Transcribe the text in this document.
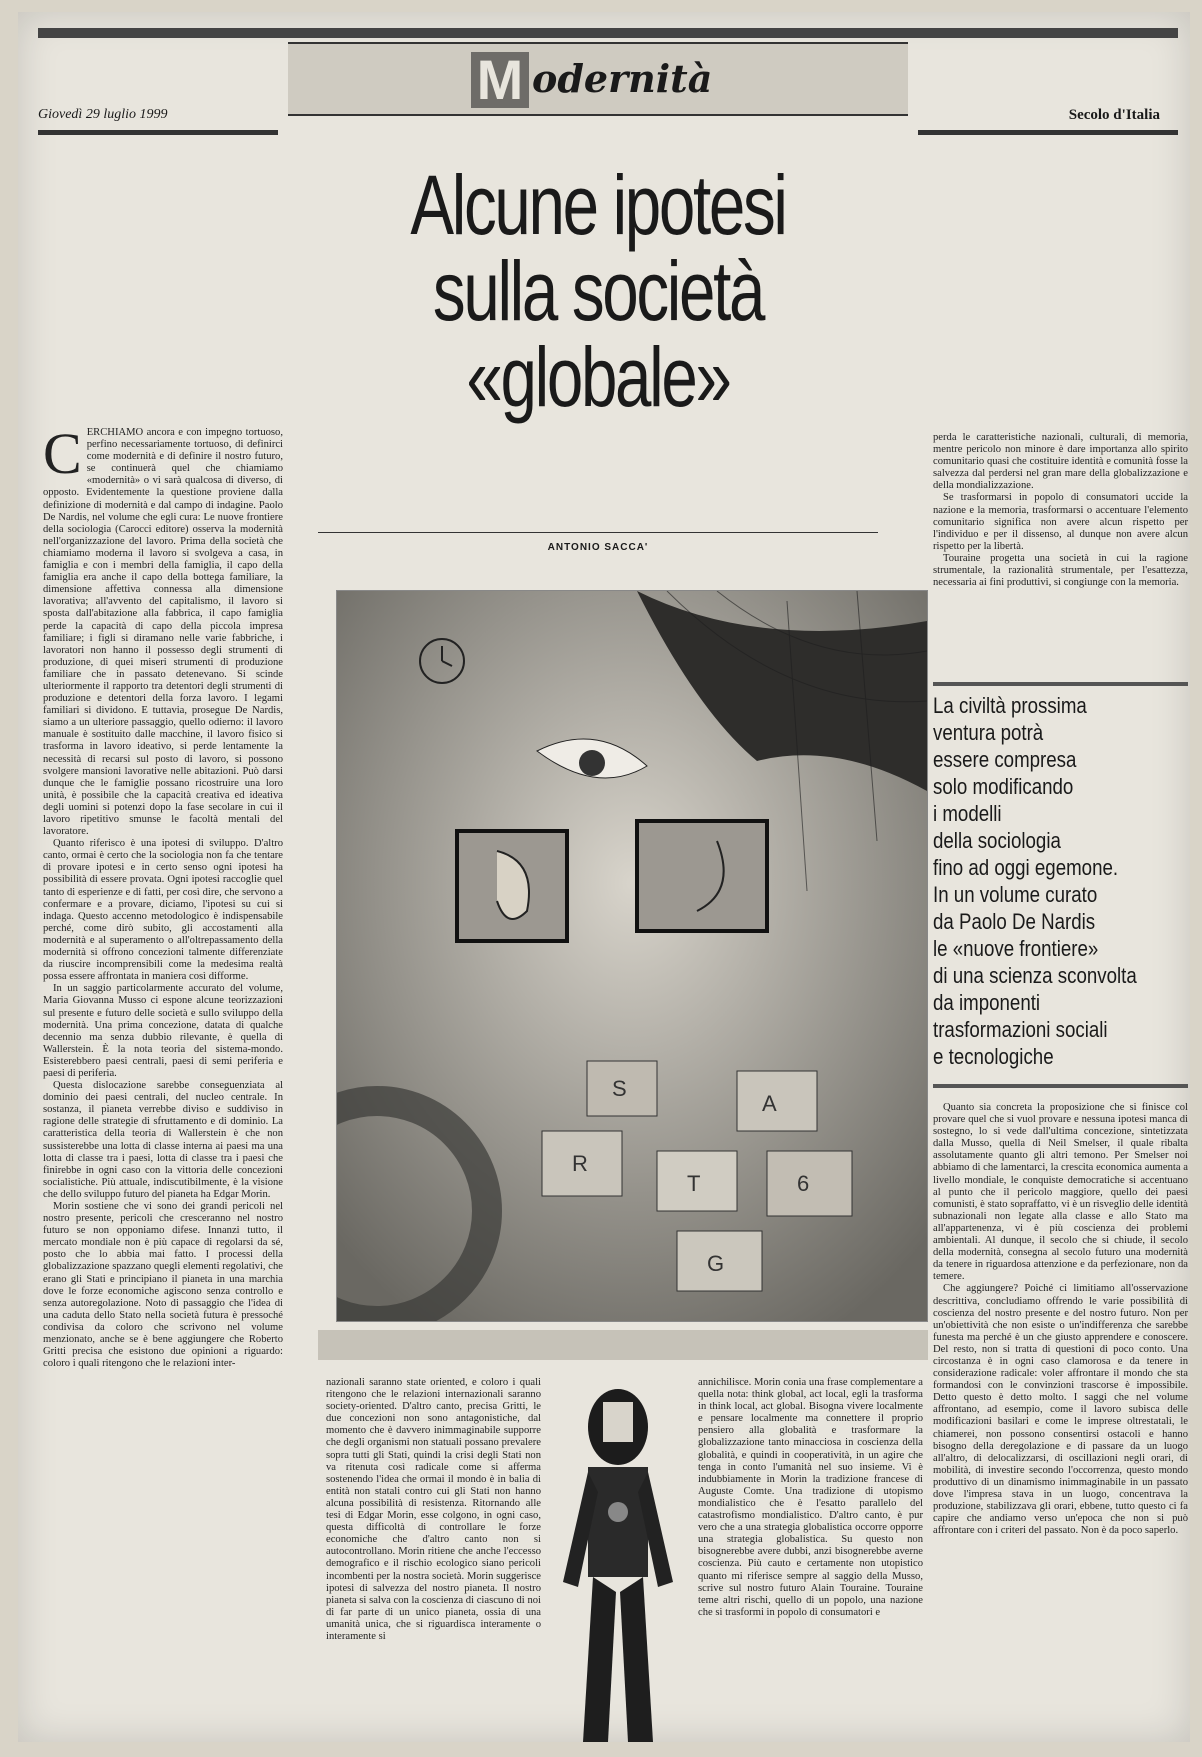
M odernità
Giovedì 29 luglio 1999	Secolo d'Italia
Alcune ipotesi
sulla società
«globale»
ANTONIO SACCA'
C ERCHIAMO ancora e con impegno tortuoso, perfino necessariamente tortuoso, di definirci come modernità e di definire il nostro futuro, se continuerà quel che chiamiamo «modernità» o vi sarà qualcosa di diverso, di opposto. Evidentemente la questione proviene dalla definizione di modernità e dal campo di indagine. Paolo De Nardis, nel volume che egli cura: Le nuove frontiere della sociologia (Carocci editore) osserva la modernità nell'organizzazione del lavoro. Prima della società che chiamiamo moderna il lavoro si svolgeva a casa, in famiglia e con i membri della famiglia, il capo della famiglia era anche il capo della bottega familiare, la dimensione affettiva connessa alla dimensione lavorativa; all'avvento del capitalismo, il lavoro si sposta dall'abitazione alla fabbrica, il capo famiglia perde la capacità di capo della piccola impresa familiare; i figli si diramano nelle varie fabbriche, i lavoratori non hanno il possesso degli strumenti di produzione, di quei miseri strumenti di produzione familiare che in passato detenevano. Si scinde ulteriormente il rapporto tra detentori degli strumenti di produzione e detentori della forza lavoro. I legami familiari si dividono. E tuttavia, prosegue De Nardis, siamo a un ulteriore passaggio, quello odierno: il lavoro manuale è sostituito dalle macchine, il lavoro fisico si trasforma in lavoro ideativo, si perde lentamente la necessità di recarsi sul posto di lavoro, si possono svolgere mansioni lavorative nelle abitazioni. Può darsi dunque che le famiglie possano ricostruire una loro unità, è possibile che la capacità creativa ed ideativa degli uomini si potenzi dopo la fase secolare in cui il lavoro ripetitivo smunse le facoltà mentali del lavoratore.

Quanto riferisco è una ipotesi di sviluppo. D'altro canto, ormai è certo che la sociologia non fa che tentare di provare ipotesi e in certo senso ogni ipotesi ha possibilità di essere provata. Ogni ipotesi raccoglie quel tanto di esperienze e di fatti, per così dire, che servono a confermare e a provare, diciamo, l'ipotesi su cui si indaga. Questo accenno metodologico è indispensabile perché, come dirò subito, gli accostamenti alla modernità e al superamento o all'oltrepassamento della modernità si offrono concezioni talmente differenziate da riuscire incomprensibili come la medesima realtà possa essere affrontata in maniera così difforme.

In un saggio particolarmente accurato del volume, Maria Giovanna Musso ci espone alcune teorizzazioni sul presente e futuro delle società e sullo sviluppo della modernità. Una prima concezione, datata di qualche decennio ma senza dubbio rilevante, è quella di Wallerstein. È la nota teoria del sistema-mondo. Esisterebbero paesi centrali, paesi di semi periferia e paesi di periferia.

Questa dislocazione sarebbe conseguenziata al dominio dei paesi centrali, del nucleo centrale. In sostanza, il pianeta verrebbe diviso e suddiviso in ragione delle strategie di sfruttamento e di dominio. La caratteristica della teoria di Wallerstein è che non sussisterebbe una lotta di classe interna ai paesi ma una lotta di classe tra i paesi, lotta di classe tra i paesi che finirebbe in ogni caso con la vittoria delle concezioni socialistiche. Più attuale, indiscutibilmente, è la visione che dello sviluppo futuro del pianeta ha Edgar Morin.

Morin sostiene che vi sono dei grandi pericoli nel nostro presente, pericoli che cresceranno nel nostro futuro se non opponiamo difese. Innanzi tutto, il mercato mondiale non è più capace di regolarsi da sé, posto che lo abbia mai fatto. I processi della globalizzazione spazzano quegli elementi regolativi, che erano gli Stati e principiano il pianeta in una marchia dove le forze economiche agiscono senza controllo e senza autoregolazione. Noto di passaggio che l'idea di una caduta dello Stato nella società futura è pressoché condivisa da coloro che scrivono nel volume menzionato, anche se è bene aggiungere che Roberto Gritti precisa che esistono due opinioni a riguardo: coloro i quali ritengono che le relazioni inter-

S
A
R
T	6
G

perda le caratteristiche nazionali, culturali, di memoria, mentre pericolo non minore è dare importanza allo spirito comunitario quasi che costituire identità e comunità fosse la salvezza dal perdersi nel gran mare della globalizzazione e della mondializzazione.

Se trasformarsi in popolo di consumatori uccide la nazione e la memoria, trasformarsi o accentuare l'elemento comunitario significa non avere alcun rispetto per l'individuo e per il dissenso, al dunque non avere alcun rispetto per la libertà.

Touraine progetta una società in cui la ragione strumentale, la razionalità strumentale, per l'esattezza, necessaria ai fini produttivi, si congiunge con la memoria.

La civiltà prossima
ventura potrà
essere compresa
solo modificando
i modelli
della sociologia
fino ad oggi egemone.
In un volume curato
da Paolo De Nardis
le «nuove frontiere»
di una scienza sconvolta
da imponenti
trasformazioni sociali
e tecnologiche

Quanto sia concreta la proposizione che si finisce col provare quel che si vuol provare e nessuna ipotesi manca di sostegno, lo si vede dall'ultima concezione, sintetizzata dalla Musso, quella di Neil Smelser, il quale ribalta assolutamente quanto gli altri temono. Per Smelser noi abbiamo di che lamentarci, la crescita economica aumenta a livello mondiale, le conquiste democratiche si accentuano al punto che il pericolo maggiore, quello dei paesi comunisti, è stato sopraffatto, vi è un risveglio delle identità subnazionali non legate alla classe e allo Stato ma all'appartenenza, vi è più coscienza dei problemi ambientali. Al dunque, il secolo che si chiude, il secolo della modernità, consegna al secolo futuro una modernità da tenere in riguardosa attenzione e da perfezionare, non da temere.

Che aggiungere? Poiché ci limitiamo all'osservazione descrittiva, concludiamo offrendo le varie possibilità di coscienza del nostro presente e del nostro futuro. Non per un'obiettività che non esiste o un'indifferenza che sarebbe funesta ma perché è un che giusto apprendere e conoscere. Del resto, non si tratta di questioni di poco conto. Una circostanza è in ogni caso clamorosa e da tenere in considerazione radicale: voler affrontare il mondo che sta formandosi con le convinzioni trascorse è impossibile. Detto questo è detto molto. I saggi che nel volume affrontano, ad esempio, come il lavoro subisca delle modificazioni basilari e come le imprese oltrestatali, le chiamerei, non possono consentirsi ostacoli e hanno bisogno della deregolazione e di passare da un luogo all'altro, di delocalizzarsi, di oscillazioni negli orari, di mobilità, di investire secondo l'occorrenza, questo mondo produttivo di un dinamismo inimmaginabile in un passato dove l'impresa stava in un luogo, concentrava la produzione, stabilizzava gli orari, ebbene, tutto questo ci fa capire che andiamo verso un'epoca che non si può affrontare con i criteri del passato. Non è da poco saperlo.

nazionali saranno state oriented, e coloro i quali ritengono che le relazioni internazionali saranno society-oriented. D'altro canto, precisa Gritti, le due concezioni non sono antagonistiche, dal momento che è davvero inimmaginabile supporre che degli organismi non statuali possano prevalere sopra tutti gli Stati, quindi la crisi degli Stati non va ritenuta così radicale come si afferma sostenendo l'idea che ormai il mondo è in balia di entità non statali contro cui gli Stati non hanno alcuna possibilità di resistenza. Ritornando alle tesi di Edgar Morin, esse colgono, in ogni caso, questa difficoltà di controllare le forze economiche che d'altro canto non si autocontrollano. Morin ritiene che anche l'eccesso demografico e il rischio ecologico siano pericoli incombenti per la nostra società. Morin suggerisce ipotesi di salvezza del nostro pianeta. Il nostro pianeta si salva con la coscienza di ciascuno di noi di far parte di un unico pianeta, ossia di una umanità unica, che si riguardisca interamente o interamente si

annichilisce. Morin conia una frase complementare a quella nota: think global, act local, egli la trasforma in think local, act global. Bisogna vivere localmente e pensare localmente ma connettere il proprio pensiero alla globalità e trasformare la globalizzazione tanto minacciosa in coscienza della globalità, e quindi in cooperatività, in un agire che tenga in conto l'umanità nel suo insieme. Vi è indubbiamente in Morin la tradizione francese di Auguste Comte. Una tradizione di utopismo mondialistico che è l'esatto parallelo del catastrofismo mondialistico. D'altro canto, è pur vero che a una strategia globalistica occorre opporre una strategia globalistica. Su questo non bisognerebbe avere dubbi, anzi bisognerebbe averne coscienza. Più cauto e certamente non utopistico quanto mi riferisce sempre al saggio della Musso, scrive sul nostro futuro Alain Touraine. Touraine teme altri rischi, quello di un popolo, una nazione che si trasformi in popolo di consumatori e
